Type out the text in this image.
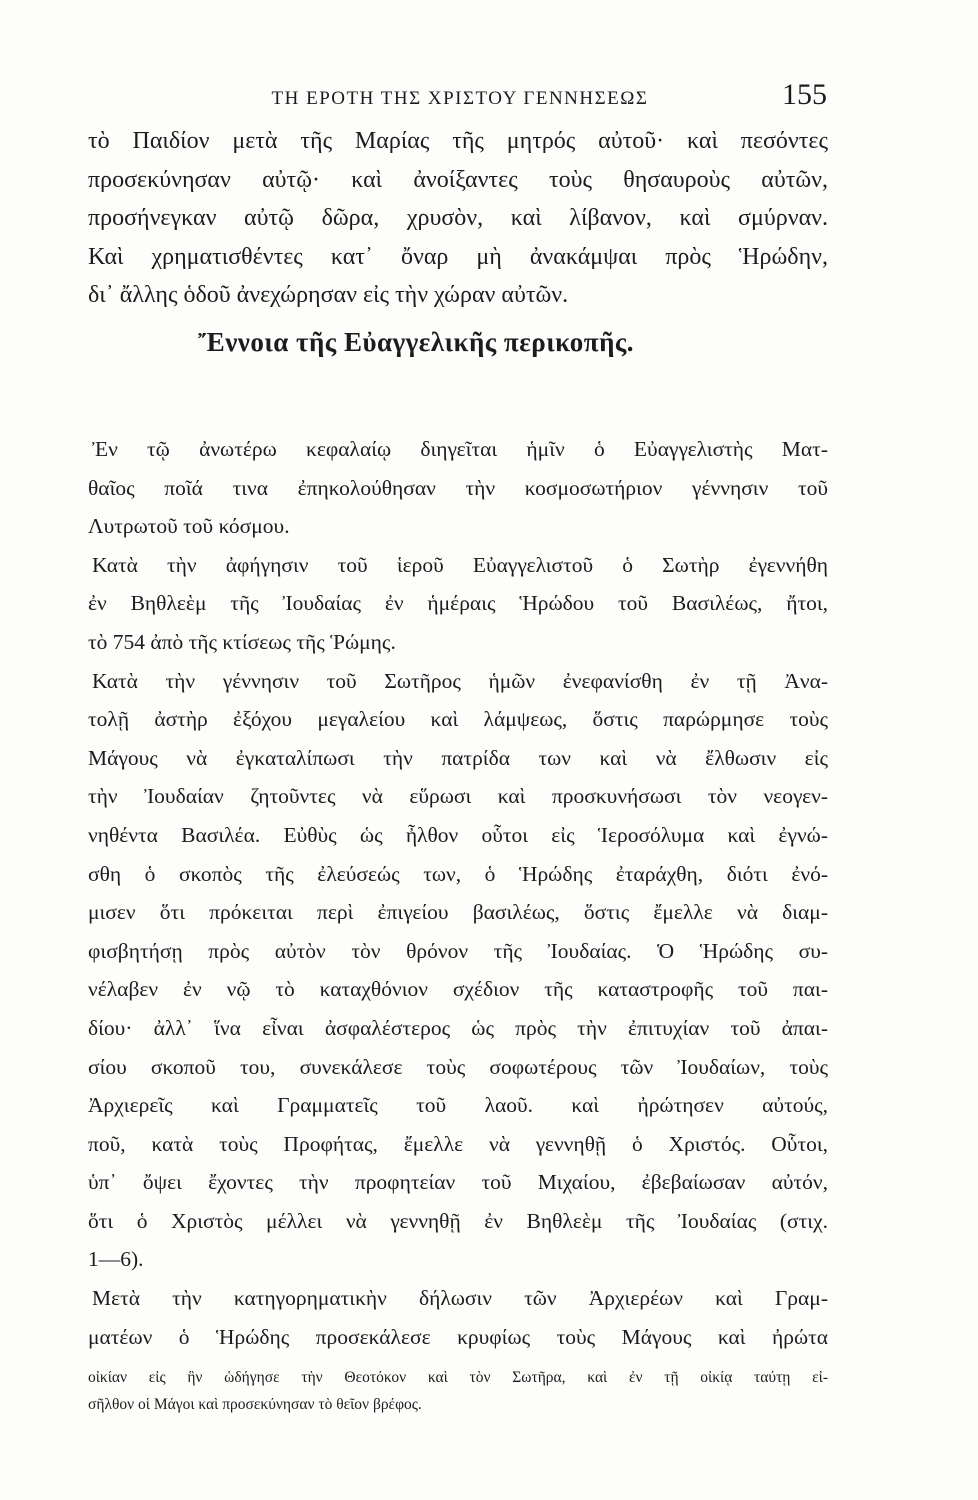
ΤΗ ΕΡΟΤΗ ΤΗΣ ΧΡΙΣΤΟΥ ΓΕΝΝΗΣΕΩΣ	155
τὸ Παιδίον μετὰ τῆς Μαρίας τῆς μητρός αὐτοῦ· καὶ πεσόντες
προσεκύνησαν αὐτῷ· καὶ ἀνοίξαντες τοὺς θησαυροὺς αὐτῶν,
προσήνεγκαν αὐτῷ δῶρα, χρυσὸν, καὶ λίβανον, καὶ σμύρναν.
Καὶ χρηματισθέντες κατ᾿ ὄναρ μὴ ἀνακάμψαι πρὸς Ἡρώδην,
δι᾿ ἄλλης ὁδοῦ ἀνεχώρησαν εἰς τὴν χώραν αὐτῶν.
Ἔννοια τῆς Εὐαγγελικῆς περικοπῆς.
Ἐν τῷ ἀνωτέρω κεφαλαίῳ διηγεῖται ἡμῖν ὁ Εὐαγγελιστὴς Ματ-
θαῖος ποῖά τινα ἐπηκολούθησαν τὴν κοσμοσωτήριον γέννησιν τοῦ
Λυτρωτοῦ τοῦ κόσμου.
Κατὰ τὴν ἀφήγησιν τοῦ ἱεροῦ Εὐαγγελιστοῦ ὁ Σωτὴρ ἐγεννήθη
ἐν Βηθλεὲμ τῆς Ἰουδαίας ἐν ἡμέραις Ἡρώδου τοῦ Βασιλέως, ἤτοι,
τὸ 754 ἀπὸ τῆς κτίσεως τῆς Ῥώμης.
Κατὰ τὴν γέννησιν τοῦ Σωτῆρος ἡμῶν ἐνεφανίσθη ἐν τῇ Ἀνα-
τολῇ ἀστὴρ ἐξόχου μεγαλείου καὶ λάμψεως, ὅστις παρώρμησε τοὺς
Μάγους νὰ ἐγκαταλίπωσι τὴν πατρίδα των καὶ νὰ ἔλθωσιν εἰς
τὴν Ἰουδαίαν ζητοῦντες νὰ εὕρωσι καὶ προσκυνήσωσι τὸν νεογεν-
νηθέντα Βασιλέα. Εὐθὺς ὡς ἦλθον οὗτοι εἰς Ἱεροσόλυμα καὶ ἐγνώ-
σθη ὁ σκοπὸς τῆς ἐλεύσεώς των, ὁ Ἡρώδης ἐταράχθη, διότι ἐνό-
μισεν ὅτι πρόκειται περὶ ἐπιγείου βασιλέως, ὅστις ἔμελλε νὰ διαμ-
φισβητήσῃ πρὸς αὐτὸν τὸν θρόνον τῆς Ἰουδαίας. Ὁ Ἡρώδης συ-
νέλαβεν ἐν νῷ τὸ καταχθόνιον σχέδιον τῆς καταστροφῆς τοῦ παι-
δίου· ἀλλ᾿ ἵνα εἶναι ἀσφαλέστερος ὡς πρὸς τὴν ἐπιτυχίαν τοῦ ἀπαι-
σίου σκοποῦ του, συνεκάλεσε τοὺς σοφωτέρους τῶν Ἰουδαίων, τοὺς
Ἀρχιερεῖς καὶ Γραμματεῖς τοῦ λαοῦ. καὶ ἠρώτησεν αὐτούς,
ποῦ, κατὰ τοὺς Προφήτας, ἔμελλε νὰ γεννηθῇ ὁ Χριστός. Οὗτοι,
ὑπ᾿ ὄψει ἔχοντες τὴν προφητείαν τοῦ Μιχαίου, ἐβεβαίωσαν αὐτόν,
ὅτι ὁ Χριστὸς μέλλει νὰ γεννηθῇ ἐν Βηθλεὲμ τῆς Ἰουδαίας (στιχ.
1—6).
Μετὰ τὴν κατηγορηματικὴν δήλωσιν τῶν Ἀρχιερέων καὶ Γραμ-
ματέων ὁ Ἡρώδης προσεκάλεσε κρυφίως τοὺς Μάγους καὶ ἠρώτα
οἰκίαν εἰς ἣν ὡδήγησε τὴν Θεοτόκον καὶ τὸν Σωτῆρα, καὶ ἐν τῇ οἰκίᾳ ταύτῃ εἰ-
σῆλθον οἱ Μάγοι καὶ προσεκύνησαν τὸ θεῖον βρέφος.
